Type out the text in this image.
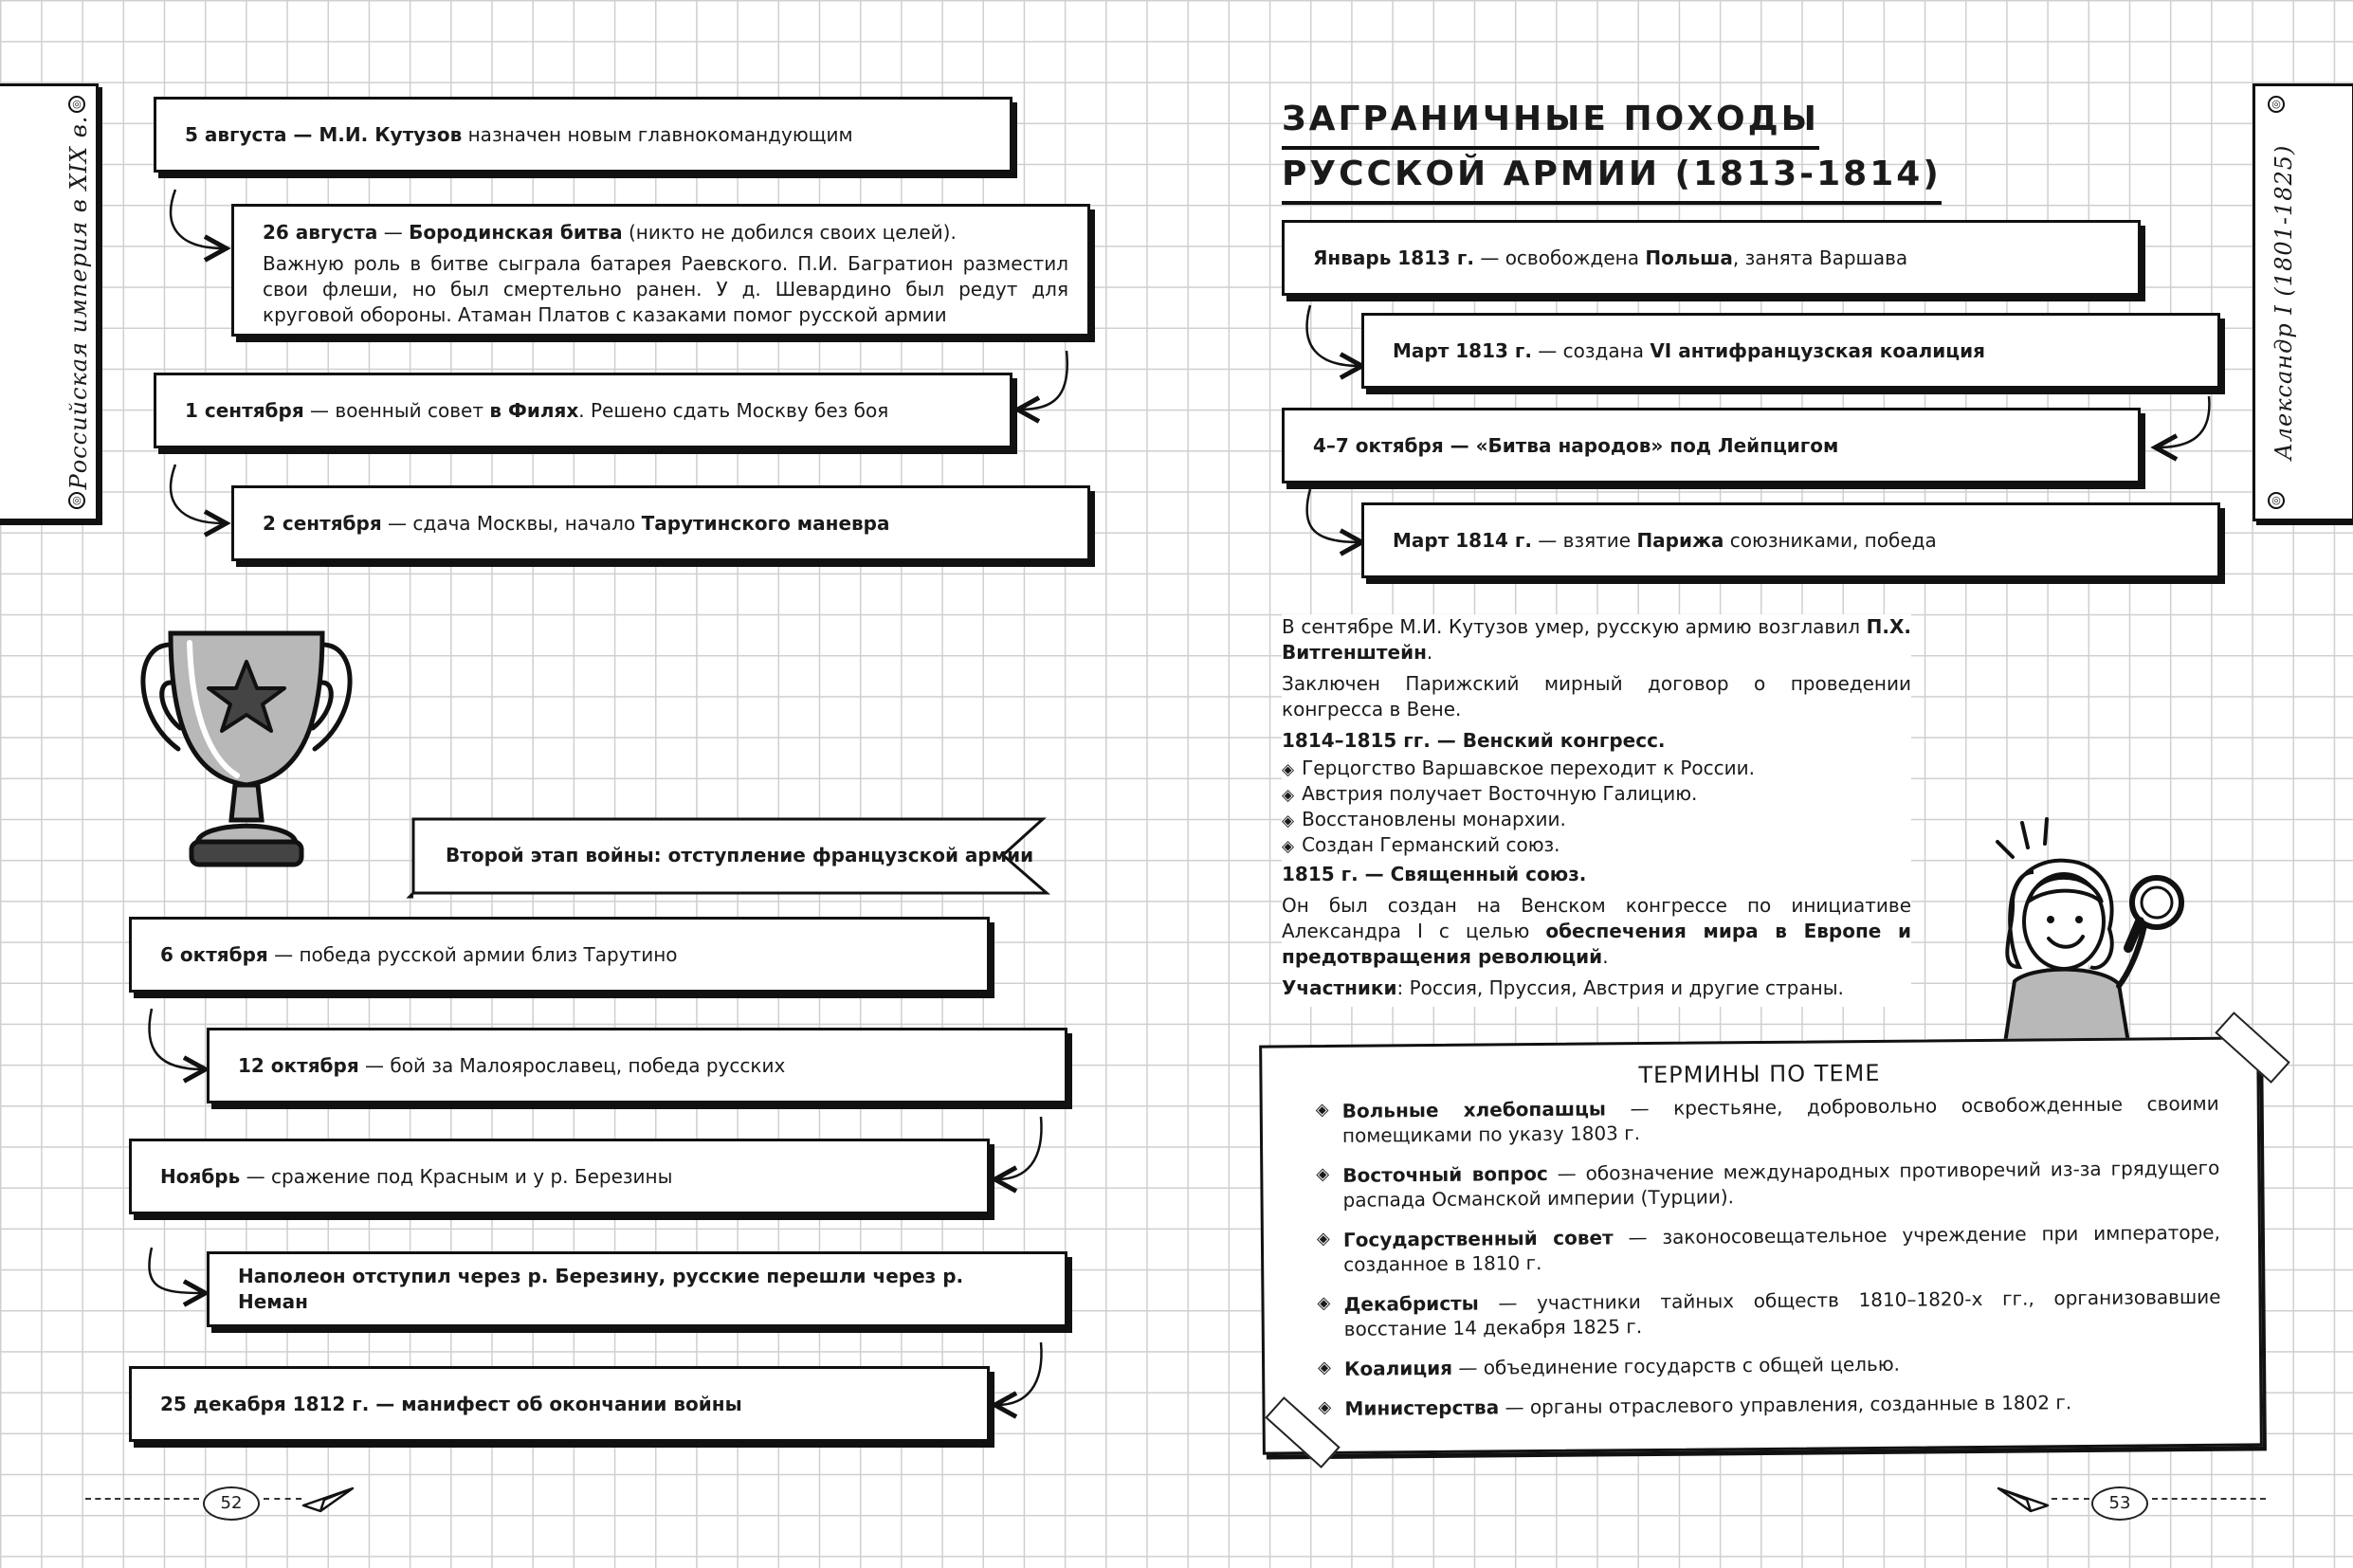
◎
Российская империя в XIX в.
◎
◎
Александр I (1801-1825)
◎
5 августа — М.И. Кутузов назначен новым главнокомандующим
26 августа — Бородинская битва (никто не добился своих целей).
Важную роль в битве сыграла батарея Раевского. П.И. Багратион разместил свои флеши, но был смертельно ранен. У д. Шевардино был редут для круговой обороны. Атаман Платов с казаками помог русской армии
1 сентября — военный совет в Филях. Решено сдать Москву без боя
2 сентября — сдача Москвы, начало Тарутинского маневра
Второй этап войны: отступление французской армии
6 октября — победа русской армии близ Тарутино
12 октября — бой за Малоярославец, победа русских
Ноябрь — сражение под Красным и у р. Березины
Наполеон отступил через р. Березину, русские перешли через р. Неман
25 декабря 1812 г. — манифест об окончании войны
ЗАГРАНИЧНЫЕ ПОХОДЫ
РУССКОЙ АРМИИ (1813-1814)
Январь 1813 г. — освобождена Польша, занята Варшава
Март 1813 г. — создана VI антифранцузская коалиция
4–7 октября — «Битва народов» под Лейпцигом
Март 1814 г. — взятие Парижа союзниками, победа

В сентябре М.И. Кутузов умер, русскую армию возглавил П.Х. Витгенштейн.

Заключен Парижский мирный договор о проведении конгресса в Вене.

1814–1815 гг. — Венский конгресс.

◈ Герцогство Варшавское переходит к России.
◈ Австрия получает Восточную Галицию.
◈ Восстановлены монархии.
◈ Создан Германский союз.

1815 г. — Священный союз.

Он был создан на Венском конгрессе по инициативе Александра I с целью обеспечения мира в Европе и предотвращения революций.

Участники: Россия, Пруссия, Австрия и другие страны.

ТЕРМИНЫ ПО ТЕМЕ
◈ Вольные хлебопашцы — крестьяне, добровольно освобожденные своими помещиками по указу 1803 г.
◈ Восточный вопрос — обозначение международных противоречий из-за грядущего распада Османской империи (Турции).
◈ Государственный совет — законосовещательное учреждение при императоре, созданное в 1810 г.
◈ Декабристы — участники тайных обществ 1810–1820-х гг., организовавшие восстание 14 декабря 1825 г.
◈ Коалиция — объединение государств с общей целью.
◈ Министерства — органы отраслевого управления, созданные в 1802 г.
52	53
